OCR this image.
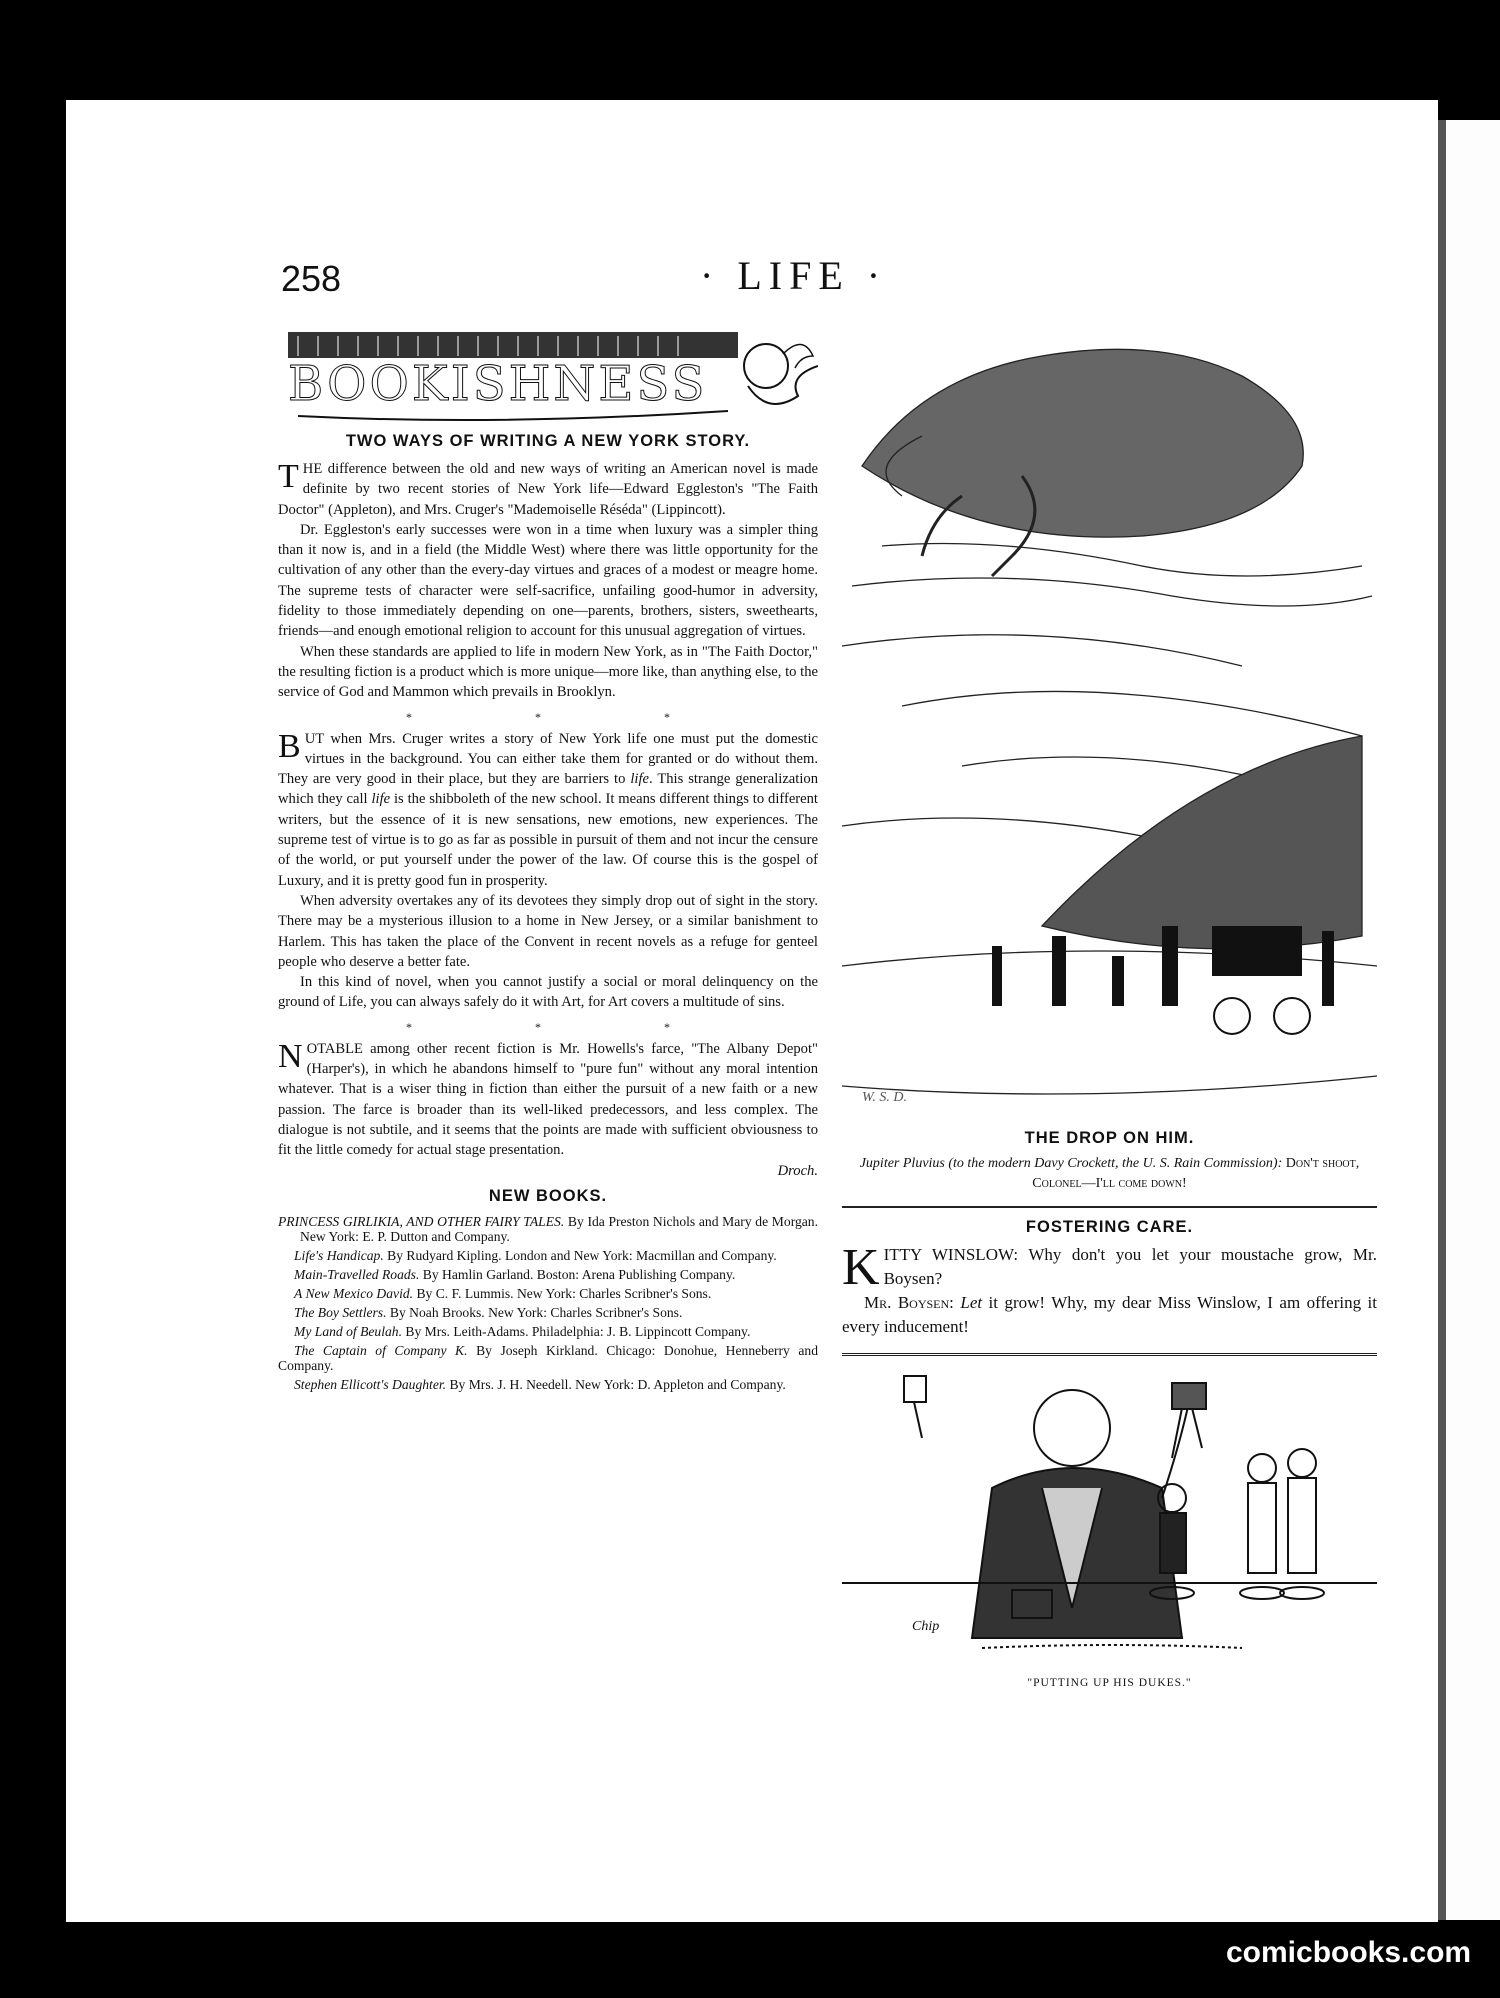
258	· LIFE ·
BOOKISHNESS
TWO WAYS OF WRITING A NEW YORK STORY.

THE difference between the old and new ways of writing an American novel is made definite by two recent stories of New York life—Edward Eggleston's "The Faith Doctor" (Appleton), and Mrs. Cruger's "Mademoiselle Réséda" (Lippincott).

Dr. Eggleston's early successes were won in a time when luxury was a simpler thing than it now is, and in a field (the Middle West) where there was little opportunity for the cultivation of any other than the every-day virtues and graces of a modest or meagre home. The supreme tests of character were self-sacrifice, unfailing good-humor in adversity, fidelity to those immediately depending on one—parents, brothers, sisters, sweethearts, friends—and enough emotional religion to account for this unusual aggregation of virtues.

When these standards are applied to life in modern New York, as in "The Faith Doctor," the resulting fiction is a product which is more unique—more like, than anything else, to the service of God and Mammon which prevails in Brooklyn.

* * *

BUT when Mrs. Cruger writes a story of New York life one must put the domestic virtues in the background. You can either take them for granted or do without them. They are very good in their place, but they are barriers to life. This strange generalization which they call life is the shibboleth of the new school. It means different things to different writers, but the essence of it is new sensations, new emotions, new experiences. The supreme test of virtue is to go as far as possible in pursuit of them and not incur the censure of the world, or put yourself under the power of the law. Of course this is the gospel of Luxury, and it is pretty good fun in prosperity.

When adversity overtakes any of its devotees they simply drop out of sight in the story. There may be a mysterious illusion to a home in New Jersey, or a similar banishment to Harlem. This has taken the place of the Convent in recent novels as a refuge for genteel people who deserve a better fate.

In this kind of novel, when you cannot justify a social or moral delinquency on the ground of Life, you can always safely do it with Art, for Art covers a multitude of sins.

* * *

NOTABLE among other recent fiction is Mr. Howells's farce, "The Albany Depot" (Harper's), in which he abandons himself to "pure fun" without any moral intention whatever. That is a wiser thing in fiction than either the pursuit of a new faith or a new passion. The farce is broader than its well-liked predecessors, and less complex. The dialogue is not subtile, and it seems that the points are made with sufficient obviousness to fit the little comedy for actual stage presentation.

Droch.

NEW BOOKS.

PRINCESS GIRLIKIA, AND OTHER FAIRY TALES. By Ida Preston Nichols and Mary de Morgan. New York: E. P. Dutton and Company.

Life's Handicap. By Rudyard Kipling. London and New York: Macmillan and Company.

Main-Travelled Roads. By Hamlin Garland. Boston: Arena Publishing Company.

A New Mexico David. By C. F. Lummis. New York: Charles Scribner's Sons.

The Boy Settlers. By Noah Brooks. New York: Charles Scribner's Sons.

My Land of Beulah. By Mrs. Leith-Adams. Philadelphia: J. B. Lippincott Company.

The Captain of Company K. By Joseph Kirkland. Chicago: Donohue, Henneberry and Company.

Stephen Ellicott's Daughter. By Mrs. J. H. Needell. New York: D. Appleton and Company.

W. S. D.
THE DROP ON HIM.
Jupiter Pluvius (to the modern Davy Crockett, the U. S. Rain Commission): Don't shoot, Colonel—I'll come down!
FOSTERING CARE.

KITTY WINSLOW: Why don't you let your moustache grow, Mr. Boysen?

Mr. Boysen: Let it grow! Why, my dear Miss Winslow, I am offering it every inducement!

Chip
"PUTTING UP HIS DUKES."
comicbooks.com
